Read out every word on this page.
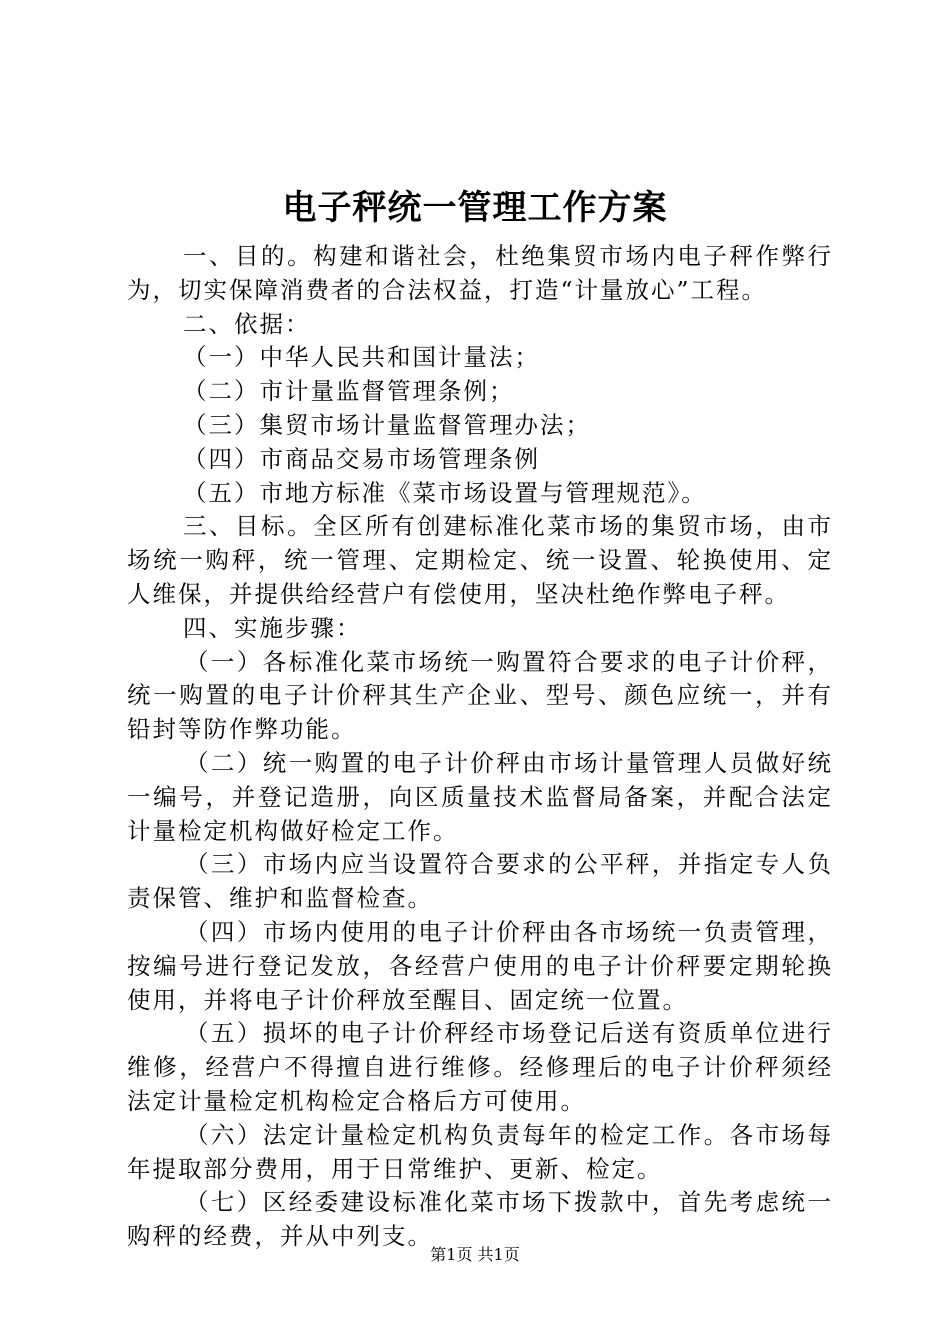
电子秤统一管理工作方案

一、目的。构建和谐社会，杜绝集贸市场内电子秤作弊行为，切实保障消费者的合法权益，打造“计量放心”工程。

二、依据：

（一）中华人民共和国计量法；

（二）市计量监督管理条例；

（三）集贸市场计量监督管理办法；

（四）市商品交易市场管理条例

（五）市地方标准《菜市场设置与管理规范》。

三、目标。全区所有创建标准化菜市场的集贸市场，由市场统一购秤，统一管理、定期检定、统一设置、轮换使用、定人维保，并提供给经营户有偿使用，坚决杜绝作弊电子秤。

四、实施步骤：

（一）各标准化菜市场统一购置符合要求的电子计价秤，统一购置的电子计价秤其生产企业、型号、颜色应统一，并有铅封等防作弊功能。

（二）统一购置的电子计价秤由市场计量管理人员做好统一编号，并登记造册，向区质量技术监督局备案，并配合法定计量检定机构做好检定工作。

（三）市场内应当设置符合要求的公平秤，并指定专人负责保管、维护和监督检查。

（四）市场内使用的电子计价秤由各市场统一负责管理，按编号进行登记发放，各经营户使用的电子计价秤要定期轮换使用，并将电子计价秤放至醒目、固定统一位置。

（五）损坏的电子计价秤经市场登记后送有资质单位进行维修，经营户不得擅自进行维修。经修理后的电子计价秤须经法定计量检定机构检定合格后方可使用。

（六）法定计量检定机构负责每年的检定工作。各市场每年提取部分费用，用于日常维护、更新、检定。

（七）区经委建设标准化菜市场下拨款中，首先考虑统一购秤的经费，并从中列支。

第1页 共1页
